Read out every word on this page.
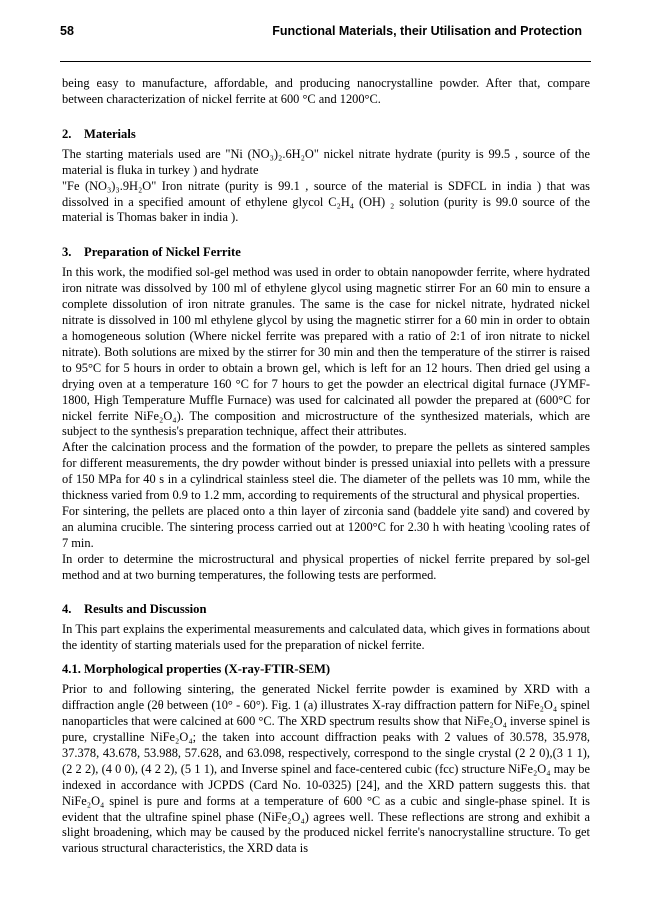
58	Functional Materials, their Utilisation and Protection

being easy to manufacture, affordable, and producing nanocrystalline powder. After that, compare between characterization of nickel ferrite at 600 °C and 1200°C.

2. Materials

The starting materials used are "Ni (NO₃)₂.6H₂O" nickel nitrate hydrate (purity is 99.5 , source of the material is fluka in turkey ) and hydrate

"Fe (NO₃)₃.9H₂O" Iron nitrate (purity is 99.1 , source of the material is SDFCL in india ) that was dissolved in a specified amount of ethylene glycol C₂H₄ (OH) ₂ solution (purity is 99.0 source of the material is Thomas baker in india ).

3. Preparation of Nickel Ferrite

In this work, the modified sol-gel method was used in order to obtain nanopowder ferrite, where hydrated iron nitrate was dissolved by 100 ml of ethylene glycol using magnetic stirrer For an 60 min to ensure a complete dissolution of iron nitrate granules. The same is the case for nickel nitrate, hydrated nickel nitrate is dissolved in 100 ml ethylene glycol by using the magnetic stirrer for a 60 min in order to obtain a homogeneous solution (Where nickel ferrite was prepared with a ratio of 2:1 of iron nitrate to nickel nitrate). Both solutions are mixed by the stirrer for 30 min and then the temperature of the stirrer is raised to 95°C for 5 hours in order to obtain a brown gel, which is left for an 12 hours. Then dried gel using a drying oven at a temperature 160 °C for 7 hours to get the powder an electrical digital furnace (JYMF-1800, High Temperature Muffle Furnace) was used for calcinated all powder the prepared at (600°C for nickel ferrite NiFe₂O₄). The composition and microstructure of the synthesized materials, which are subject to the synthesis's preparation technique, affect their attributes.

After the calcination process and the formation of the powder, to prepare the pellets as sintered samples for different measurements, the dry powder without binder is pressed uniaxial into pellets with a pressure of 150 MPa for 40 s in a cylindrical stainless steel die. The diameter of the pellets was 10 mm, while the thickness varied from 0.9 to 1.2 mm, according to requirements of the structural and physical properties.

For sintering, the pellets are placed onto a thin layer of zirconia sand (baddele yite sand) and covered by an alumina crucible. The sintering process carried out at 1200°C for 2.30 h with heating \cooling rates of 7 min.

In order to determine the microstructural and physical properties of nickel ferrite prepared by sol-gel method and at two burning temperatures, the following tests are performed.

4. Results and Discussion

In This part explains the experimental measurements and calculated data, which gives in formations about the identity of starting materials used for the preparation of nickel ferrite.

4.1. Morphological properties (X-ray-FTIR-SEM)

Prior to and following sintering, the generated Nickel ferrite powder is examined by XRD with a diffraction angle (2θ between (10° - 60°). Fig. 1 (a) illustrates X-ray diffraction pattern for NiFe₂O₄ spinel nanoparticles that were calcined at 600 °C. The XRD spectrum results show that NiFe₂O₄ inverse spinel is pure, crystalline NiFe₂O₄; the taken into account diffraction peaks with 2 values of 30.578, 35.978, 37.378, 43.678, 53.988, 57.628, and 63.098, respectively, correspond to the single crystal (2 2 0),(3 1 1), (2 2 2), (4 0 0), (4 2 2), (5 1 1), and Inverse spinel and face-centered cubic (fcc) structure NiFe₂O₄ may be indexed in accordance with JCPDS (Card No. 10-0325) [24], and the XRD pattern suggests this. that NiFe₂O₄ spinel is pure and forms at a temperature of 600 °C as a cubic and single-phase spinel. It is evident that the ultrafine spinel phase (NiFe₂O₄) agrees well. These reflections are strong and exhibit a slight broadening, which may be caused by the produced nickel ferrite's nanocrystalline structure. To get various structural characteristics, the XRD data is
